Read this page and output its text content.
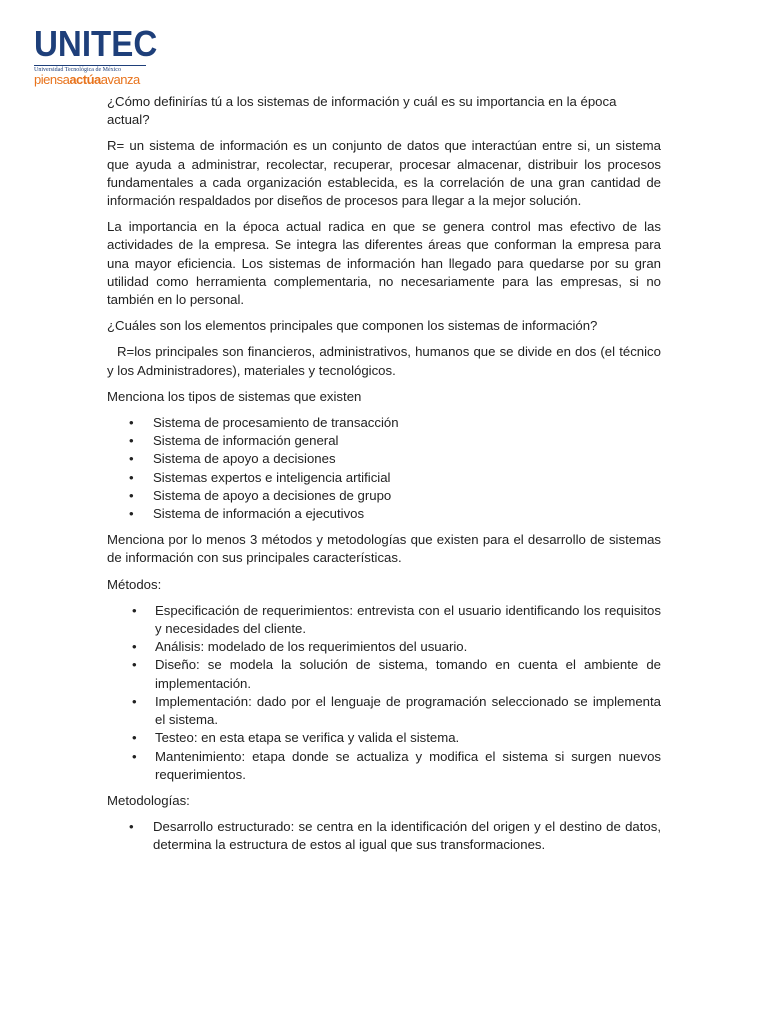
UNITEC
Universidad Tecnológica de México
piensaactúaavanza

¿Cómo definirías tú a los sistemas de información y cuál es su importancia en la época actual?

R= un sistema de información es un conjunto de datos que interactúan entre si, un sistema que ayuda a administrar, recolectar, recuperar, procesar almacenar, distribuir los procesos fundamentales a cada organización establecida, es la correlación de una gran cantidad de información respaldados por diseños de procesos para llegar a la mejor solución.

La importancia en la época actual radica en que se genera control mas efectivo de las actividades de la empresa. Se integra las diferentes áreas que conforman la empresa para una mayor eficiencia. Los sistemas de información han llegado para quedarse por su gran utilidad como herramienta complementaria, no necesariamente para las empresas, si no también en lo personal.

¿Cuáles son los elementos principales que componen los sistemas de información?

R=los principales son financieros, administrativos, humanos que se divide en dos (el técnico y los Administradores), materiales y tecnológicos.

Menciona los tipos de sistemas que existen

• Sistema de procesamiento de transacción
• Sistema de información general
• Sistema de apoyo a decisiones
• Sistemas expertos e inteligencia artificial
• Sistema de apoyo a decisiones de grupo
• Sistema de información a ejecutivos

Menciona por lo menos 3 métodos y metodologías que existen para el desarrollo de sistemas de información con sus principales características.

Métodos:

• Especificación de requerimientos: entrevista con el usuario identificando los requisitos y necesidades del cliente.
• Análisis: modelado de los requerimientos del usuario.
• Diseño: se modela la solución de sistema, tomando en cuenta el ambiente de implementación.
• Implementación: dado por el lenguaje de programación seleccionado se implementa el sistema.
• Testeo: en esta etapa se verifica y valida el sistema.
• Mantenimiento: etapa donde se actualiza y modifica el sistema si surgen nuevos requerimientos.

Metodologías:

• Desarrollo estructurado: se centra en la identificación del origen y el destino de datos, determina la estructura de estos al igual que sus transformaciones.
